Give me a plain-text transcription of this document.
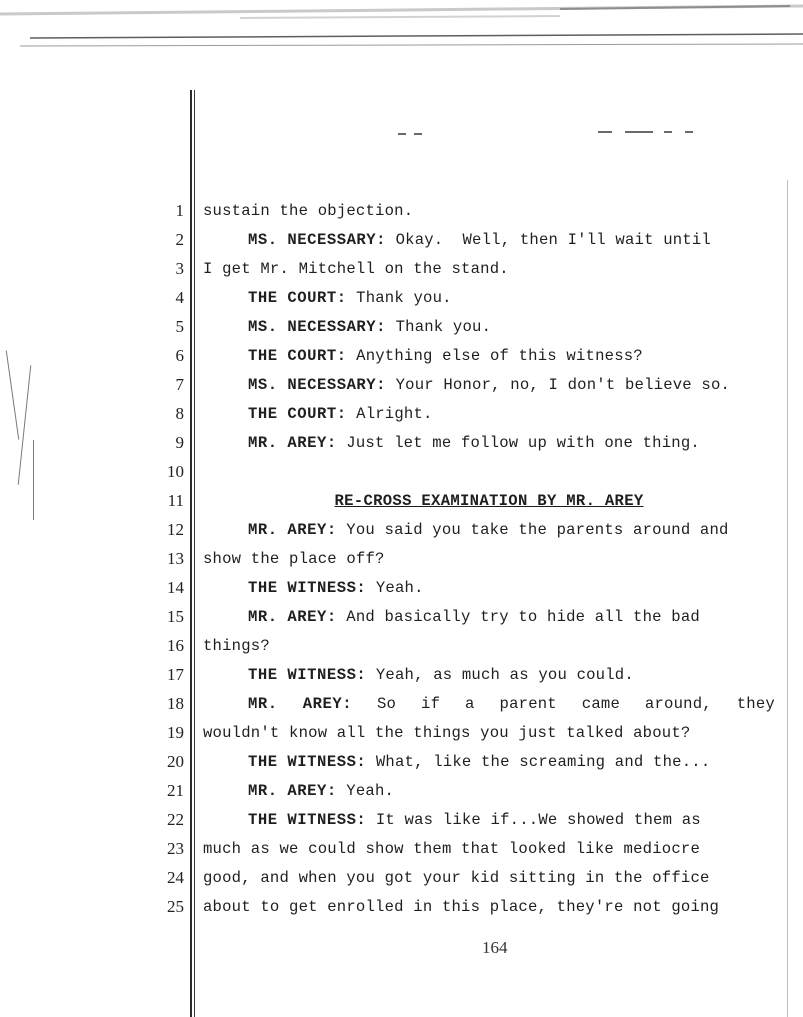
1 sustain the objection.
2	MS. NECESSARY: Okay.  Well, then I'll wait until
3 I get Mr. Mitchell on the stand.
4	THE COURT: Thank you.
5	MS. NECESSARY: Thank you.
6	THE COURT: Anything else of this witness?
7	MS. NECESSARY: Your Honor, no, I don't believe so.
8	THE COURT: Alright.
9	MR. AREY: Just let me follow up with one thing.
10
11	RE-CROSS EXAMINATION BY MR. AREY
12	MR. AREY: You said you take the parents around and
13 show the place off?
14	THE WITNESS: Yeah.
15	MR. AREY: And basically try to hide all the bad
16 things?
17	THE WITNESS: Yeah, as much as you could.
18	MR. AREY: So if a parent came around, they
19 wouldn't know all the things you just talked about?
20	THE WITNESS: What, like the screaming and the...
21	MR. AREY: Yeah.
22	THE WITNESS: It was like if...We showed them as
23 much as we could show them that looked like mediocre
24 good, and when you got your kid sitting in the office
25 about to get enrolled in this place, they're not going
164
